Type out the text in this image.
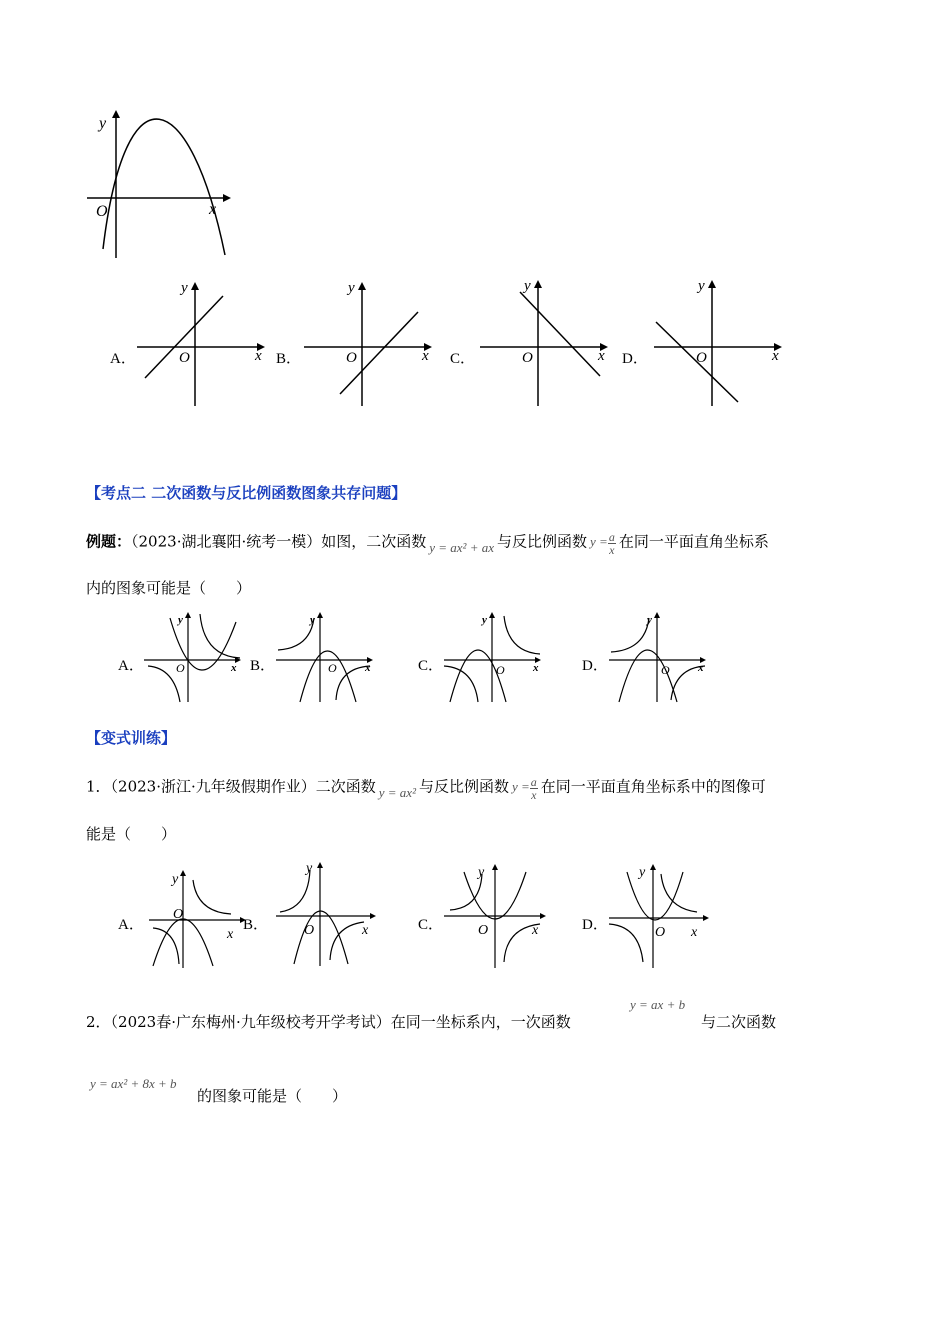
y
x
O
A．
y
x
O	B．
y
x
O	C．
y
x
O	D．
y
x
O
【考点二 二次函数与反比例函数图象共存问题】
例题：（2023·湖北襄阳·统考一模）如图，二次函数 y = ax² + ax 与反比例函数 $y = \frac{a}{x}$ 在同一平面直角坐标系
内的图象可能是（　　）
A．
y
x
O	B．
y
x
O	C．
y
x
O	D．
y
x
O
【变式训练】
1．（2023·浙江·九年级假期作业）二次函数 y = ax² 与反比例函数 $y = \frac{a}{x}$ 在同一平面直角坐标系中的图像可
能是（　　）
A．
y
x
O
B．
y
x
O	C．
y
x
O	D．
y
x
O
2．（2023春·广东梅州·九年级校考开学考试）在同一坐标系内，一次函数
y = ax + b
与二次函数
y = ax² + 8x + b
的图象可能是（　　）
